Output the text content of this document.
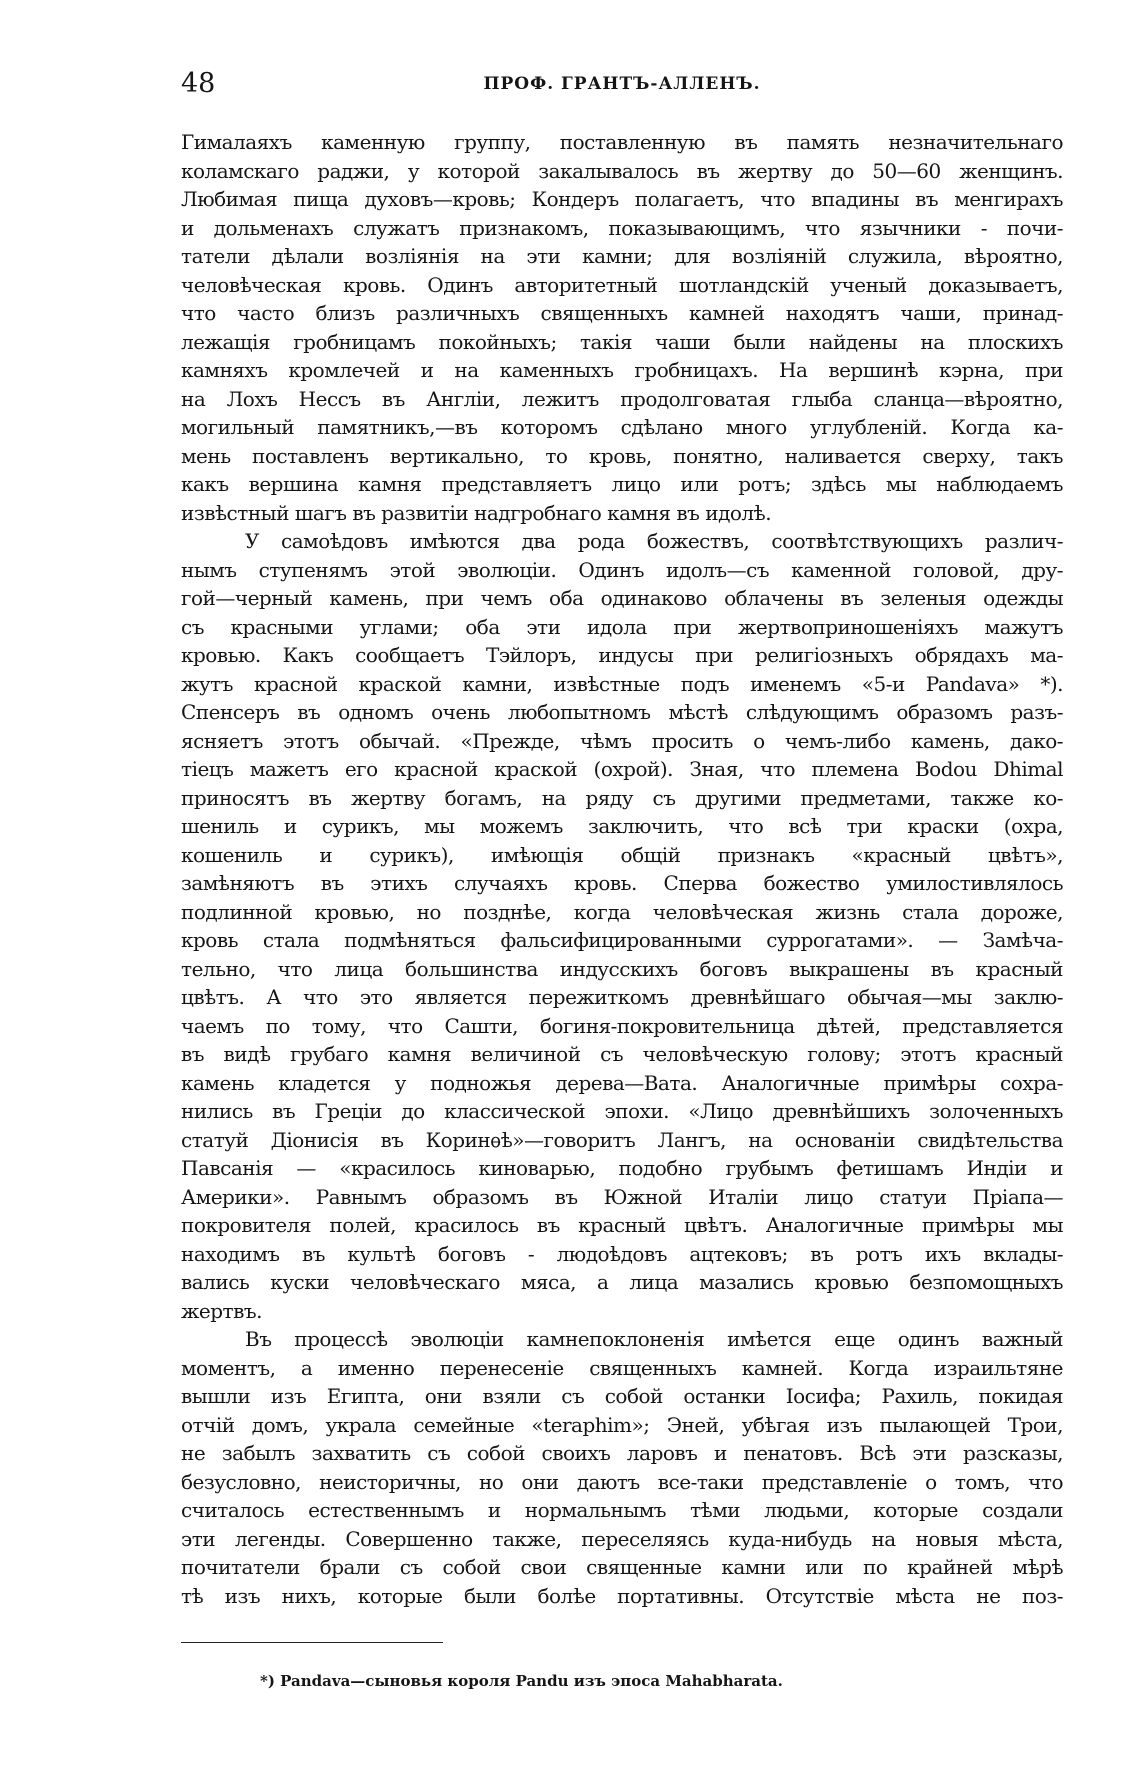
48	ПРОФ. ГРАНТЪ-АЛЛЕНЪ.
Гималаяхъ каменную группу, поставленную въ память незначительнаго
коламскаго раджи, у которой закалывалось въ жертву до 50—60 женщинъ.
Любимая пища духовъ—кровь; Кондеръ полагаетъ, что впадины въ менгирахъ
и дольменахъ служатъ признакомъ, показывающимъ, что язычники - почи-
татели дѣлали возліянія на эти камни; для возліяній служила, вѣроятно,
человѣческая кровь. Одинъ авторитетный шотландскій ученый доказываетъ,
что часто близъ различныхъ священныхъ камней находятъ чаши, принад-
лежащія гробницамъ покойныхъ; такія чаши были найдены на плоскихъ
камняхъ кромлечей и на каменныхъ гробницахъ. На вершинѣ кэрна, при
на Лохъ Нессъ въ Англіи, лежитъ продолговатая глыба сланца—вѣроятно,
могильный памятникъ,—въ которомъ сдѣлано много углубленій. Когда ка-
мень поставленъ вертикально, то кровь, понятно, наливается сверху, такъ
какъ вершина камня представляетъ лицо или ротъ; здѣсь мы наблюдаемъ
извѣстный шагъ въ развитіи надгробнаго камня въ идолѣ.
У самоѣдовъ имѣются два рода божествъ, соотвѣтствующихъ различ-
нымъ ступенямъ этой эволюціи. Одинъ идолъ—съ каменной головой, дру-
гой—черный камень, при чемъ оба одинаково облачены въ зеленыя одежды
съ красными углами; оба эти идола при жертвоприношеніяхъ мажутъ
кровью. Какъ сообщаетъ Тэйлоръ, индусы при религіозныхъ обрядахъ ма-
жутъ красной краской камни, извѣстные подъ именемъ «5-и Pandava» *).
Спенсеръ въ одномъ очень любопытномъ мѣстѣ слѣдующимъ образомъ разъ-
ясняетъ этотъ обычай. «Прежде, чѣмъ просить о чемъ-либо камень, дако-
тіецъ мажетъ его красной краской (охрой). Зная, что племена Bodou Dhimal
приносятъ въ жертву богамъ, на ряду съ другими предметами, также ко-
шениль и сурикъ, мы можемъ заключить, что всѣ три краски (охра,
кошениль и сурикъ), имѣющія общій признакъ «красный цвѣтъ»,
замѣняютъ въ этихъ случаяхъ кровь. Сперва божество умилостивлялось
подлинной кровью, но позднѣе, когда человѣческая жизнь стала дороже,
кровь стала подмѣняться фальсифицированными суррогатами». — Замѣча-
тельно, что лица большинства индусскихъ боговъ выкрашены въ красный
цвѣтъ. А что это является пережиткомъ древнѣйшаго обычая—мы заклю-
чаемъ по тому, что Сашти, богиня-покровительница дѣтей, представляется
въ видѣ грубаго камня величиной съ человѣческую голову; этотъ красный
камень кладется у подножья дерева—Вата. Аналогичные примѣры сохра-
нились въ Греціи до классической эпохи. «Лицо древнѣйшихъ золоченныхъ
статуй Діонисія въ Коринѳѣ»—говоритъ Лангъ, на основаніи свидѣтельства
Павсанія — «красилось киноварью, подобно грубымъ фетишамъ Индіи и
Америки». Равнымъ образомъ въ Южной Италіи лицо статуи Пріапа—
покровителя полей, красилось въ красный цвѣтъ. Аналогичные примѣры мы
находимъ въ культѣ боговъ - людоѣдовъ ацтековъ; въ ротъ ихъ вклады-
вались куски человѣческаго мяса, а лица мазались кровью безпомощныхъ
жертвъ.
Въ процессѣ эволюціи камнепоклоненія имѣется еще одинъ важный
моментъ, а именно перенесеніе священныхъ камней. Когда израильтяне
вышли изъ Египта, они взяли съ собой останки Іосифа; Рахиль, покидая
отчій домъ, украла семейные «teraphim»; Эней, убѣгая изъ пылающей Трои,
не забылъ захватить съ собой своихъ ларовъ и пенатовъ. Всѣ эти разсказы,
безусловно, неисторичны, но они даютъ все-таки представленіе о томъ, что
считалось естественнымъ и нормальнымъ тѣми людьми, которые создали
эти легенды. Совершенно также, переселяясь куда-нибудь на новыя мѣста,
почитатели брали съ собой свои священные камни или по крайней мѣрѣ
тѣ изъ нихъ, которые были болѣе портативны. Отсутствіе мѣста не поз-
*) Pandava—сыновья короля Pandu изъ эпоса Mahabharata.
